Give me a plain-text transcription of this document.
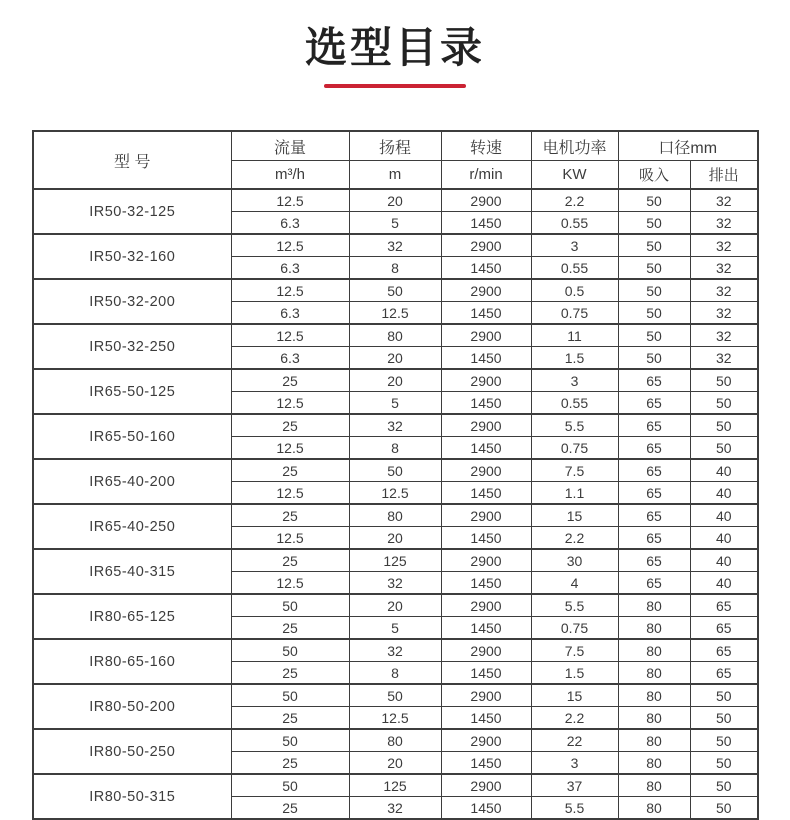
选型目录
型 号	流量	扬程	转速	电机功率	口径mm	
	m³/h	m	r/min	KW	吸入	排出
IR50-32-125	12.5	20	2900	2.2	50	32
	6.3	5	1450	0.55	50	32
IR50-32-160	12.5	32	2900	3	50	32
	6.3	8	1450	0.55	50	32
IR50-32-200	12.5	50	2900	0.5	50	32
	6.3	12.5	1450	0.75	50	32
IR50-32-250	12.5	80	2900	11	50	32
	6.3	20	1450	1.5	50	32
IR65-50-125	25	20	2900	3	65	50
	12.5	5	1450	0.55	65	50
IR65-50-160	25	32	2900	5.5	65	50
	12.5	8	1450	0.75	65	50
IR65-40-200	25	50	2900	7.5	65	40
	12.5	12.5	1450	1.1	65	40
IR65-40-250	25	80	2900	15	65	40
	12.5	20	1450	2.2	65	40
IR65-40-315	25	125	2900	30	65	40
	12.5	32	1450	4	65	40
IR80-65-125	50	20	2900	5.5	80	65
	25	5	1450	0.75	80	65
IR80-65-160	50	32	2900	7.5	80	65
	25	8	1450	1.5	80	65
IR80-50-200	50	50	2900	15	80	50
	25	12.5	1450	2.2	80	50
IR80-50-250	50	80	2900	22	80	50
	25	20	1450	3	80	50
IR80-50-315	50	125	2900	37	80	50
	25	32	1450	5.5	80	50
